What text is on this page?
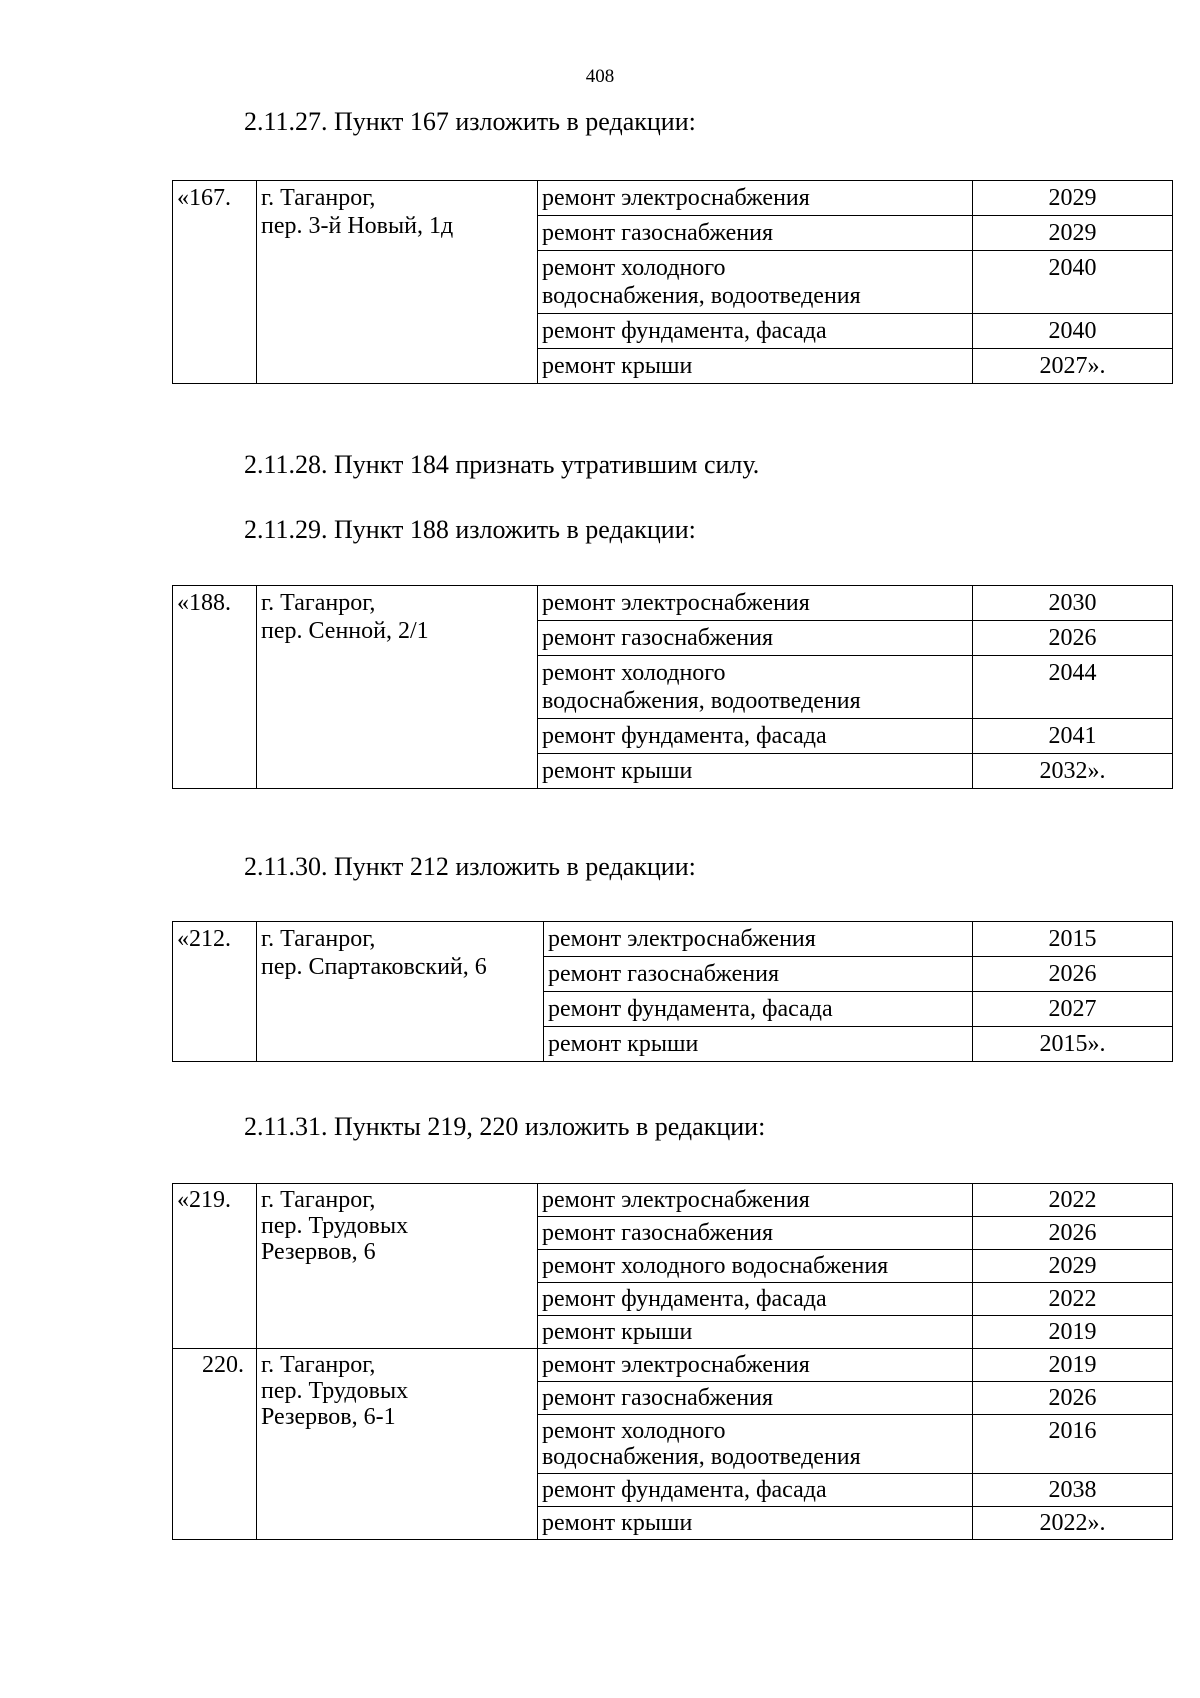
408
2.11.27. Пункт 167 изложить в редакции:
«167.	г. Таганрог,
пер. 3-й Новый, 1д	ремонт электроснабжения	2029
		ремонт газоснабжения	2029

		ремонт холодного
водоснабжения, водоотведения	2040
		ремонт фундамента, фасада	2040
		ремонт крыши	2027».
2.11.28. Пункт 184 признать утратившим силу.
2.11.29. Пункт 188 изложить в редакции:
«188.	г. Таганрог,
пер. Сенной, 2/1	ремонт электроснабжения	2030
		ремонт газоснабжения	2026

		ремонт холодного
водоснабжения, водоотведения	2044
		ремонт фундамента, фасада	2041
		ремонт крыши	2032».
2.11.30. Пункт 212 изложить в редакции:
«212.	г. Таганрог,
пер. Спартаковский, 6	ремонт электроснабжения	2015
		ремонт газоснабжения	2026
		ремонт фундамента, фасада	2027
		ремонт крыши	2015».
2.11.31. Пункты 219, 220 изложить в редакции:
«219.	г. Таганрог,
пер. Трудовых
Резервов, 6	ремонт электроснабжения	2022
		ремонт газоснабжения	2026
		ремонт холодного водоснабжения	2029
		ремонт фундамента, фасада	2022
		ремонт крыши	2019
220.	г. Таганрог,
пер. Трудовых
Резервов, 6-1	ремонт электроснабжения	2019
		ремонт газоснабжения	2026

		ремонт холодного
водоснабжения, водоотведения	2016
		ремонт фундамента, фасада	2038
		ремонт крыши	2022».
